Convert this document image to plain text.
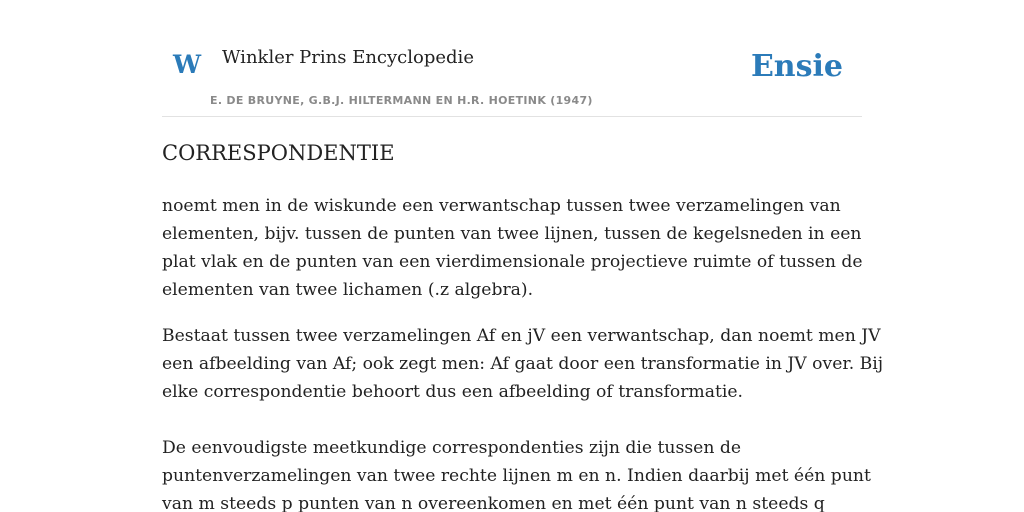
W Winkler Prins Encyclopedie
E. DE BRUYNE, G.B.J. HILTERMANN EN H.R. HOETINK (1947)
Ensie
CORRESPONDENTIE

noemt men in de wiskunde een verwantschap tussen twee verzamelingen van
elementen, bijv. tussen de punten van twee lijnen, tussen de kegelsneden in een
plat vlak en de punten van een vierdimensionale projectieve ruimte of tussen de
elementen van twee lichamen (.z algebra).

Bestaat tussen twee verzamelingen Af en jV een verwantschap, dan noemt men JV
een afbeelding van Af; ook zegt men: Af gaat door een transformatie in JV over. Bij
elke correspondentie behoort dus een afbeelding of transformatie.

De eenvoudigste meetkundige correspondenties zijn die tussen de
puntenverzamelingen van twee rechte lijnen m en n. Indien daarbij met één punt
van m steeds p punten van n overeenkomen en met één punt van n steeds q
